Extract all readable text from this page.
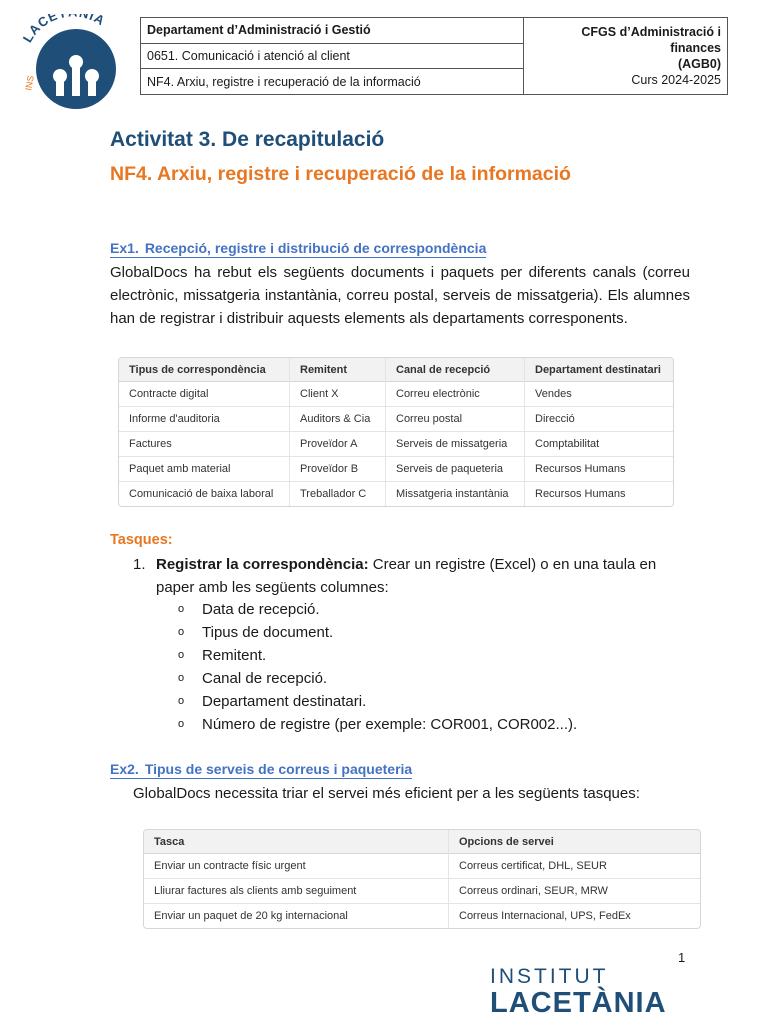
LACE IA
INS
Departament d’Administració i Gestió
0651. Comunicació i atenció al client
NF4. Arxiu, registre i recuperació de la informació
CFGS d’Administració i finances
(AGB0)
Curs 2024-2025
Activitat 3. De recapitulació
NF4. Arxiu, registre i recuperació de la informació
Ex1. Recepció, registre i distribució de correspondència
GlobalDocs ha rebut els següents documents i paquets per diferents canals (correu electrònic, missatgeria instantània, correu postal, serveis de missatgeria). Els alumnes han de registrar i distribuir aquests elements als departaments corresponents.
Tipus de correspondència	Remitent	Canal de recepció	Departament destinatari
Contracte digital	Client X	Correu electrònic	Vendes
Informe d'auditoria	Auditors & Cia	Correu postal	Direcció
Factures	Proveïdor A	Serveis de missatgeria	Comptabilitat
Paquet amb material	Proveïdor B	Serveis de paqueteria	Recursos Humans
Comunicació de baixa laboral	Treballador C	Missatgeria instantània	Recursos Humans
Tasques:
1. Registrar la correspondència: Crear un registre (Excel) o en una taula en paper amb les següents columnes:
o Data de recepció.
o Tipus de document.
o Remitent.
o Canal de recepció.
o Departament destinatari.
o Número de registre (per exemple: COR001, COR002...).
Ex2. Tipus de serveis de correus i paqueteria
GlobalDocs necessita triar el servei més eficient per a les següents tasques:
Tasca	Opcions de servei
Enviar un contracte físic urgent	Correus certificat, DHL, SEUR
Lliurar factures als clients amb seguiment	Correus ordinari, SEUR, MRW
Enviar un paquet de 20 kg internacional	Correus Internacional, UPS, FedEx
1
INSTITUT
LACETÀNIA
